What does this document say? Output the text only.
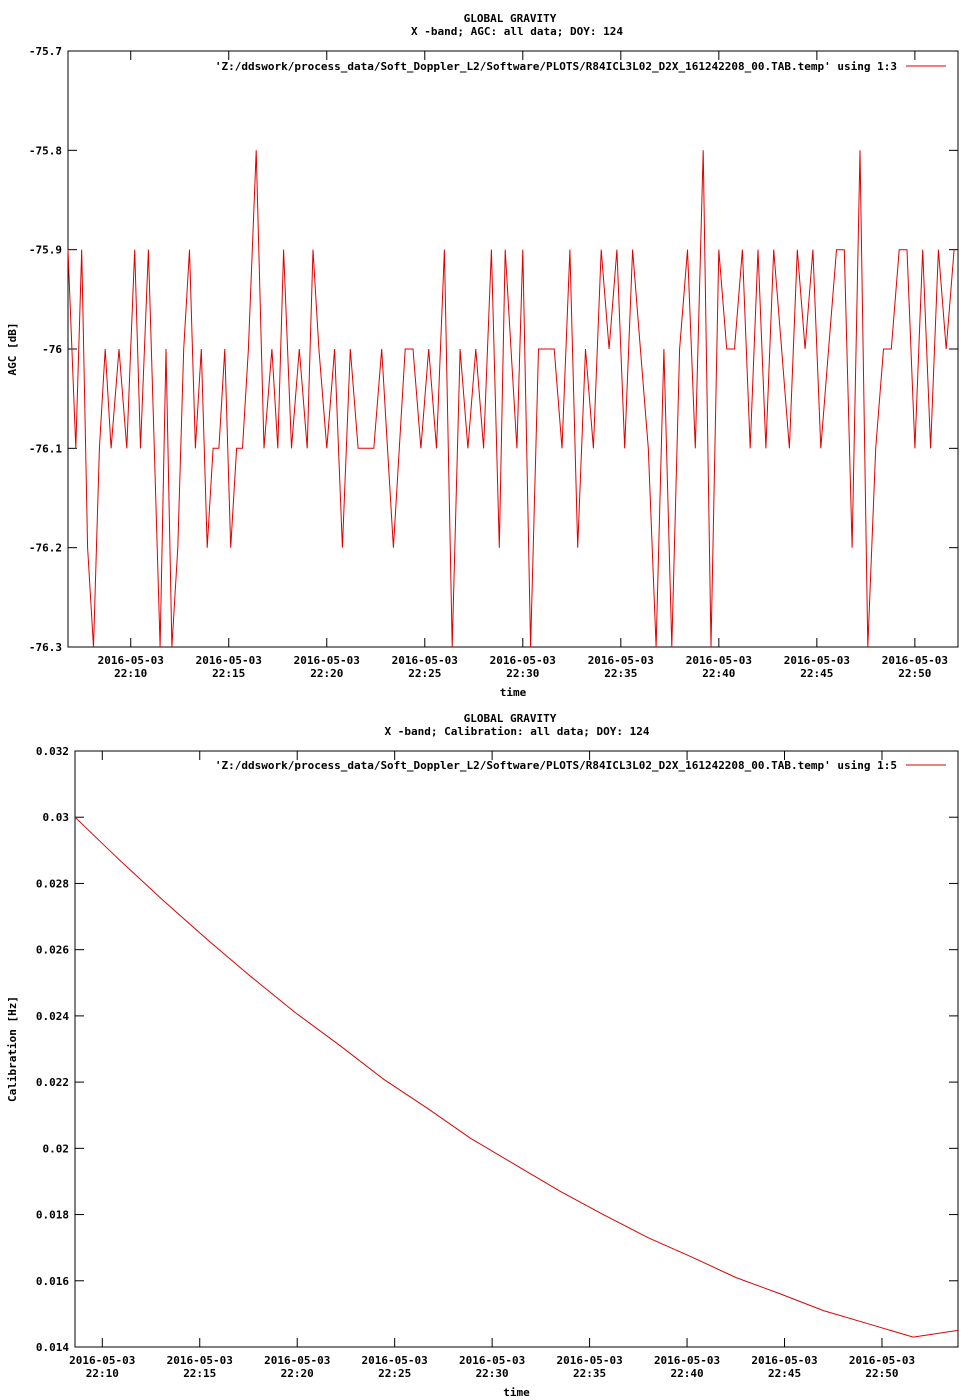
GLOBAL GRAVITY
X -band; AGC: all data; DOY: 124
-75.7
-75.8
-75.9
-76
-76.1
-76.2
-76.3
2016-05-03
22:10
2016-05-03
22:15
2016-05-03
22:20
2016-05-03
22:25
2016-05-03
22:30
2016-05-03
22:35
2016-05-03
22:40
2016-05-03
22:45
2016-05-03
22:50
time
AGC [dB]
'Z:/ddswork/process_data/Soft_Doppler_L2/Software/PLOTS/R84ICL3L02_D2X_161242208_00.TAB.temp' using 1:3
GLOBAL GRAVITY
X -band; Calibration: all data; DOY: 124
0.032
0.03
0.028
0.026
0.024
0.022
0.02
0.018
0.016
0.014
2016-05-03
22:10
2016-05-03
22:15
2016-05-03
22:20
2016-05-03
22:25
2016-05-03
22:30
2016-05-03
22:35
2016-05-03
22:40
2016-05-03
22:45
2016-05-03
22:50
time
Calibration [Hz]
'Z:/ddswork/process_data/Soft_Doppler_L2/Software/PLOTS/R84ICL3L02_D2X_161242208_00.TAB.temp' using 1:5
